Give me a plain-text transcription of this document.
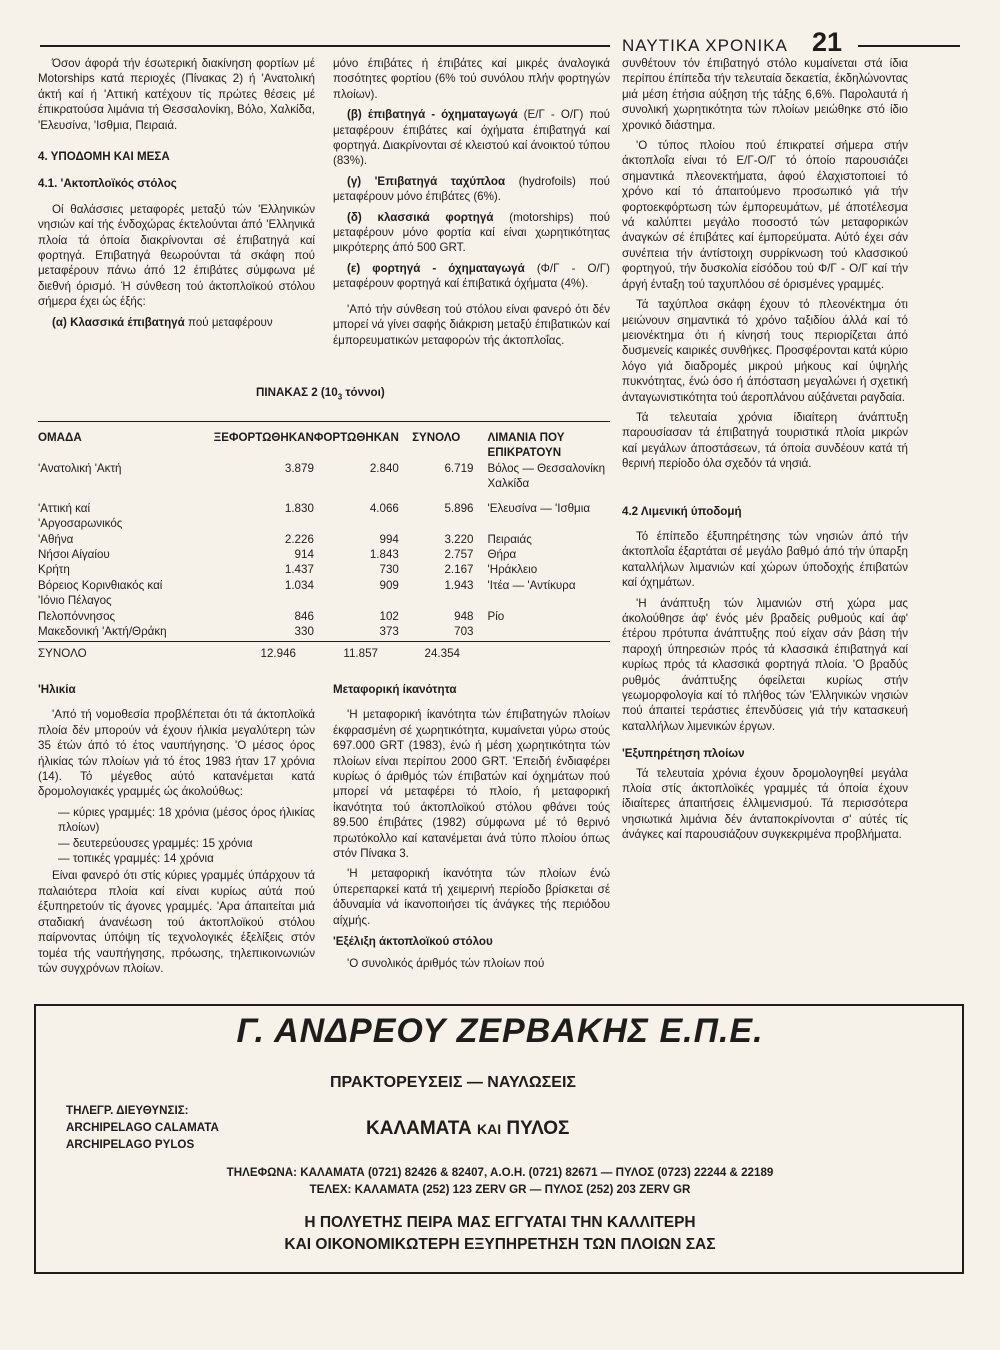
ΝΑΥΤΙΚΑ ΧΡΟΝΙΚΑ 21

Όσον άφορά τήν έσωτερική διακίνηση φορτίων μέ Motorships κατά περιοχές (Πίνακας 2) ή 'Ανατολική άκτή καί ή 'Αττική κατέχουν τίς πρώτες θέσεις μέ έπικρατούσα λιμάνια τή Θεσσαλονίκη, Βόλο, Χαλκίδα, 'Ελευσίνα, 'Ισθμια, Πειραιά.

4. ΥΠΟΔΟΜΗ ΚΑΙ ΜΕΣΑ
4.1. 'Ακτοπλοϊκός στόλος

Οί θαλάσσιες μεταφορές μεταξύ τών 'Ελληνικών νησιών καί τής ένδοχώρας έκτελούνται άπό 'Ελληνικά πλοία τά όποία διακρίνονται σέ έπιβατηγά καί φορτηγά. Επιβατηγά θεωρούνται τά σκάφη πού μεταφέρουν πάνω άπό 12 έπιβάτες σύμφωνα μέ διεθνή όρισμό. Ή σύνθεση τού άκτοπλοϊκού στόλου σήμερα έχει ώς έξής:

(α) Κλασσικά έπιβατηγά πού μεταφέρουν

μόνο έπιβάτες ή έπιβάτες καί μικρές άναλογικά ποσότητες φορτίου (6% τού συνόλου πλήν φορτηγών πλοίων).

(β) έπιβατηγά - όχηματαγωγά (Ε/Γ - Ο/Γ) πού μεταφέρουν έπιβάτες καί όχήματα έπιβατηγά καί φορτηγά. Διακρίνονται σέ κλειστού καί άνοικτού τύπου (83%).

(γ) 'Επιβατηγά ταχύπλοα (hydrofoils) πού μεταφέρουν μόνο έπιβάτες (6%).

(δ) κλασσικά φορτηγά (motorships) πού μεταφέρουν μόνο φορτία καί είναι χωρητικότητας μικρότερης άπό 500 GRT.

(ε) φορτηγά - όχηματαγωγά (Φ/Γ - Ο/Γ) μεταφέρουν φορτηγά καί έπιβατικά όχήματα (4%).

'Από τήν σύνθεση τού στόλου είναι φανερό ότι δέν μπορεί νά γίνει σαφής διάκριση μεταξύ έπιβατικών καί έμπορευματικών μεταφορών τής άκτοπλοΐας.

συνθέτουν τόν έπιβατηγό στόλο κυμαίνεται στά ίδια περίπου έπίπεδα τήν τελευταία δεκαετία, έκδηλώνοντας μιά μέση έτήσια αύξηση τής τάξης 6,6%. Παρολαυτά ή συνολική χωρητικότητα τών πλοίων μειώθηκε στό ίδιο χρονικό διάστημα.

'Ο τύπος πλοίου πού έπικρατεί σήμερα στήν άκτοπλοΐα είναι τό Ε/Γ-Ο/Γ τό όποίο παρουσιάζει σημαντικά πλεονεκτήματα, άφού έλαχιστοποιεί τό χρόνο καί τό άπαιτούμενο προσωπικό γιά τήν φορτοεκφόρτωση τών έμπορευμάτων, μέ άποτέλεσμα νά καλύπτει μεγάλο ποσοστό τών μεταφορικών άναγκών σέ έπιβάτες καί έμπορεύματα. Αύτό έχει σάν συνέπεια τήν άντίστοιχη συρρίκνωση τού κλασσικού φορτηγού, τήν δυσκολία είσόδου τού Φ/Γ - Ο/Γ καί τήν άργή ένταξη τού ταχυπλόου σέ όρισμένες γραμμές.

Τά ταχύπλοα σκάφη έχουν τό πλεονέκτημα ότι μειώνουν σημαντικά τό χρόνο ταξιδίου άλλά καί τό μειονέκτημα ότι ή κίνησή τους περιορίζεται άπό δυσμενείς καιρικές συνθήκες. Προσφέρονται κατά κύριο λόγο γιά διαδρομές μικρού μήκους καί ύψηλής πυκνότητας, ένώ όσο ή άπόσταση μεγαλώνει ή σχετική άνταγωνιστικότητα τού άεροπλάνου αύξάνεται ραγδαία.

Τά τελευταία χρόνια ίδιαίτερη άνάπτυξη παρουσίασαν τά έπιβατηγά τουριστικά πλοία μικρών καί μεγάλων άποστάσεων, τά όποία συνδέουν κατά τή θερινή περίοδο όλα σχεδόν τά νησιά.

4.2 Λιμενική ύποδομή

Τό έπίπεδο έξυπηρέτησης τών νησιών άπό τήν άκτοπλοΐα έξαρτάται σέ μεγάλο βαθμό άπό τήν ύπαρξη καταλλήλων λιμανιών καί χώρων ύποδοχής έπιβατών καί όχημάτων.

'Η άνάπτυξη τών λιμανιών στή χώρα μας άκολούθησε άφ' ένός μέν βραδείς ρυθμούς καί άφ' έτέρου πρότυπα άνάπτυξης πού είχαν σάν βάση τήν παροχή ύπηρεσιών πρός τά κλασσικά έπιβατηγά καί κυρίως πρός τά κλασσικά φορτηγά πλοία. 'Ο βραδύς ρυθμός άνάπτυξης όφείλεται κυρίως στήν γεωμορφολογία καί τό πλήθος τών 'Ελληνικών νησιών πού άπαιτεί τεράστιες έπενδύσεις γιά τήν κατασκευή καταλλήλων λιμενικών έργων.

'Εξυπηρέτηση πλοίων

Τά τελευταία χρόνια έχουν δρομολογηθεί μεγάλα πλοία στίς άκτοπλοϊκές γραμμές τά όποία έχουν ίδιαίτερες άπαιτήσεις έλλιμενισμού. Τά περισσότερα νησιωτικά λιμάνια δέν άνταποκρίνονται σ' αύτές τίς άνάγκες καί παρουσιάζουν συγκεκριμένα προβλήματα.

ΠΙΝΑΚΑΣ 2 ($10_3$ τόννοι)
ΟΜΑΔΑ	ΞΕΦΟΡΤΩΘΗΚΑΝ	ΦΟΡΤΩΘΗΚΑΝ	ΣΥΝΟΛΟ	ΛΙΜΑΝΙΑ ΠΟΥ ΕΠΙΚΡΑΤΟΥΝ
'Ανατολική 'Ακτή	3.879	2.840	6.719	Βόλος — Θεσσαλονίκη Χαλκίδα
'Αττική καί 'Αργοσαρωνικός	1.830	4.066	5.896	'Ελευσίνα — 'Ισθμια
'Αθήνα	2.226	994	3.220	Πειραιάς
Νήσοι Αίγαίου	914	1.843	2.757	Θήρα
Κρήτη	1.437	730	2.167	'Ηράκλειο
Βόρειος Κορινθιακός καί 'Ιόνιο Πέλαγος	1.034	909	1.943	'Ιτέα — 'Αντίκυρα
Πελοπόννησος	846	102	948	Ρίο
Μακεδονική 'Ακτή/Θράκη	330	373	703	
ΣΥΝΟΛΟ	12.946	11.857	24.354	
'Ηλικία

'Από τή νομοθεσία προβλέπεται ότι τά άκτοπλοϊκά πλοία δέν μπορούν νά έχουν ήλικία μεγαλύτερη τών 35 έτών άπό τό έτος ναυπήγησης. 'Ο μέσος όρος ήλικίας τών πλοίων γιά τό έτος 1983 ήταν 17 χρόνια (14). Τό μέγεθος αύτό κατανέμεται κατά δρομολογιακές γραμμές ώς άκολούθως:

— κύριες γραμμές: 18 χρόνια (μέσος όρος ήλικίας πλοίων)
— δευτερεύουσες γραμμές: 15 χρόνια
— τοπικές γραμμές: 14 χρόνια

Είναι φανερό ότι στίς κύριες γραμμές ύπάρχουν τά παλαιότερα πλοία καί είναι κυρίως αύτά πού έξυπηρετούν τίς άγονες γραμμές. 'Αρα άπαιτείται μιά σταδιακή άνανέωση τού άκτοπλοϊκού στόλου παίρνοντας ύπόψη τίς τεχνολογικές έξελίξεις στόν τομέα τής ναυπήγησης, πρόωσης, τηλεπικοινωνιών τών συγχρόνων πλοίων.

Μεταφορική ίκανότητα

'Η μεταφορική ίκανότητα τών έπιβατηγών πλοίων έκφρασμένη σέ χωρητικότητα, κυμαίνεται γύρω στούς 697.000 GRT (1983), ένώ ή μέση χωρητικότητα τών πλοίων είναι περίπου 2000 GRT. 'Επειδή ένδιαφέρει κυρίως ό άριθμός τών έπιβατών καί όχημάτων πού μπορεί νά μεταφέρει τό πλοίο, ή μεταφορική ίκανότητα τού άκτοπλοϊκού στόλου φθάνει τούς 89.500 έπιβάτες (1982) σύμφωνα μέ τό θερινό πρωτόκολλο καί κατανέμεται άνά τύπο πλοίου όπως στόν Πίνακα 3.

'Η μεταφορική ίκανότητα τών πλοίων ένώ ύπερεπαρκεί κατά τή χειμερινή περίοδο βρίσκεται σέ άδυναμία νά ίκανοποιήσει τίς άνάγκες τής περιόδου αίχμής.

'Εξέλιξη άκτοπλοϊκού στόλου

'Ο συνολικός άριθμός τών πλοίων πού

Γ. ΑΝΔΡΕΟΥ ΖΕΡΒΑΚΗΣ Ε.Π.Ε.
ΠΡΑΚΤΟΡΕΥΣΕΙΣ — ΝΑΥΛΩΣΕΙΣ
ΤΗΛΕΓΡ. ΔΙΕΥΘΥΝΣΙΣ:
ARCHIPELAGO CALAMATA
ARCHIPELAGO PYLOS
ΚΑΛΑΜΑΤΑ ΚΑΙ ΠΥΛΟΣ
ΤΗΛΕΦΩΝΑ: ΚΑΛΑΜΑΤΑ (0721) 82426 & 82407, Α.Ο.Η. (0721) 82671 — ΠΥΛΟΣ (0723) 22244 & 22189
ΤΕΛΕΧ: ΚΑΛΑΜΑΤΑ (252) 123 ZERV GR — ΠΥΛΟΣ (252) 203 ZERV GR
Η ΠΟΛΥΕΤΗΣ ΠΕΙΡΑ ΜΑΣ ΕΓΓΥΑΤΑΙ ΤΗΝ ΚΑΛΛΙΤΕΡΗ
ΚΑΙ ΟΙΚΟΝΟΜΙΚΩΤΕΡΗ ΕΞΥΠΗΡΕΤΗΣΗ ΤΩΝ ΠΛΟΙΩΝ ΣΑΣ
